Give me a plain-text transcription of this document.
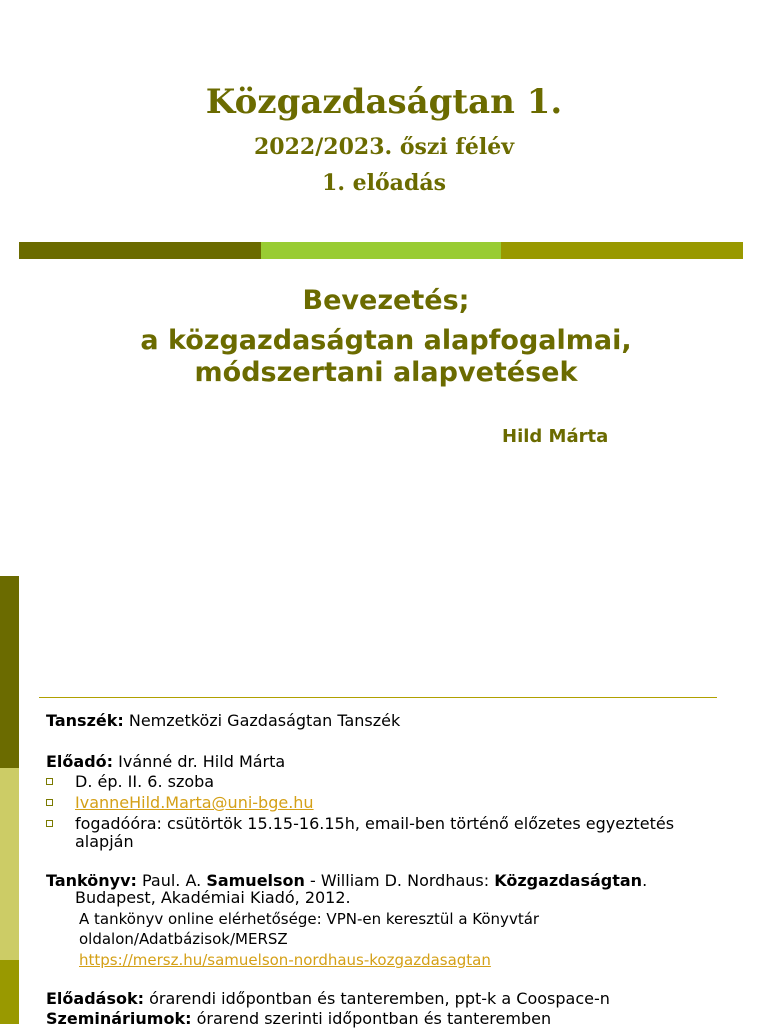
Közgazdaságtan 1.
2022/2023. őszi félév
1. előadás
Bevezetés;
a közgazdaságtan alapfogalmai,
módszertani alapvetések
Hild Márta
Tanszék: Nemzetközi Gazdaságtan Tanszék
Előadó: Ivánné dr. Hild Márta
D. ép. II. 6. szoba
IvanneHild.Marta@uni-bge.hu
fogadóóra: csütörtök 15.15-16.15h, email-ben történő előzetes egyeztetés
alapján
Tankönyv: Paul. A. Samuelson - William D. Nordhaus: Közgazdaságtan.
Budapest, Akadémiai Kiadó, 2012.
A tankönyv online elérhetősége: VPN-en keresztül a Könyvtár
oldalon/Adatbázisok/MERSZ
https://mersz.hu/samuelson-nordhaus-kozgazdasagtan
Előadások: órarendi időpontban és tanteremben, ppt-k a Coospace-n
Szemináriumok: órarend szerinti időpontban és tanteremben
